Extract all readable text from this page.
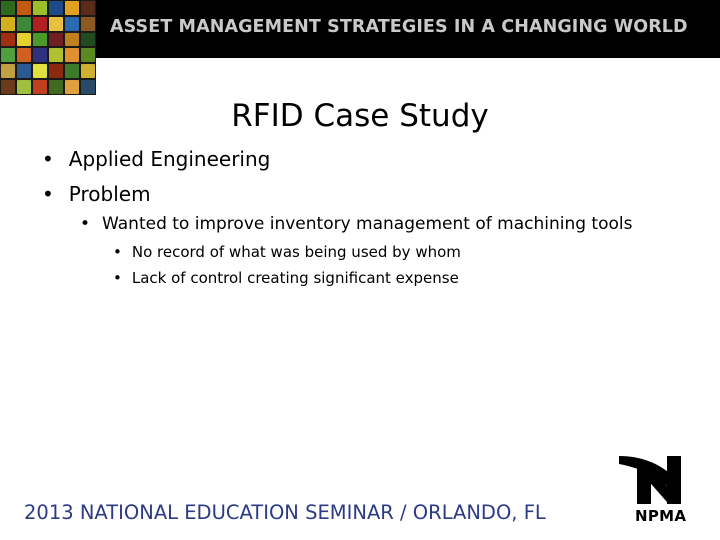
ASSET MANAGEMENT STRATEGIES IN A CHANGING WORLD
RFID Case Study
• Applied Engineering
• Problem
• Wanted to improve inventory management of machining tools
• No record of what was being used by whom
• Lack of control creating significant expense
2013 NATIONAL EDUCATION SEMINAR / ORLANDO, FL	NPMA
